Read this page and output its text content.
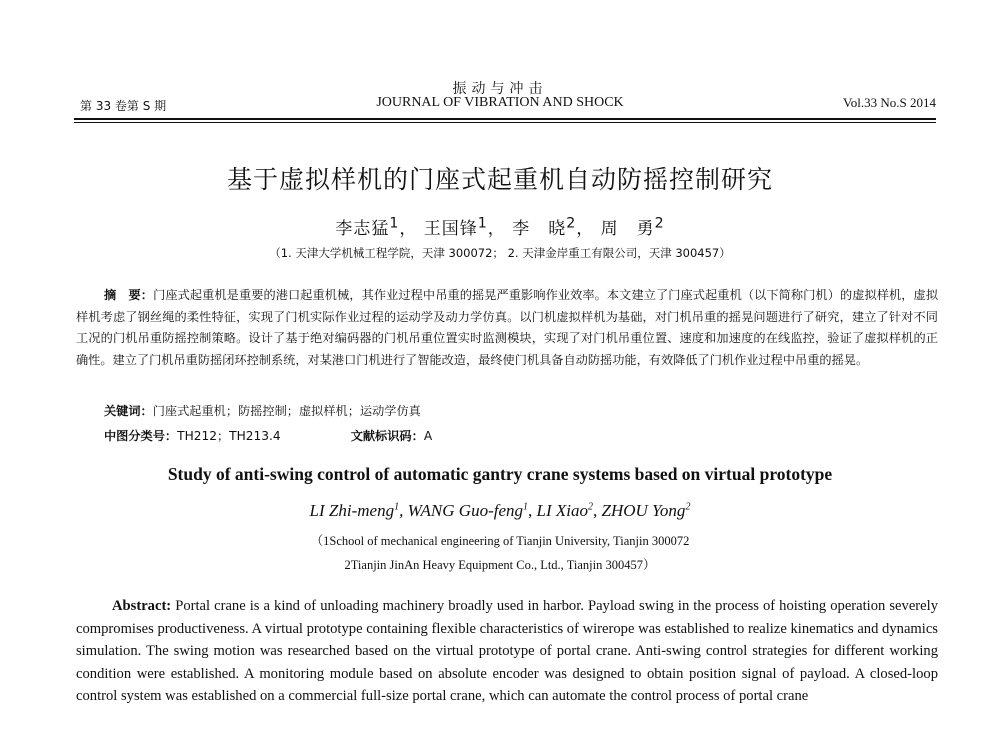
振动与冲击
第 33 卷第 S 期	JOURNAL OF VIBRATION AND SHOCK	Vol.33 No.S 2014
基于虚拟样机的门座式起重机自动防摇控制研究
李志猛$^1$， 王国锋$^1$， 李　晓$^2$， 周　勇$^2$
（1. 天津大学机械工程学院，天津 300072； 2. 天津金岸重工有限公司，天津 300457）
摘　要：门座式起重机是重要的港口起重机械，其作业过程中吊重的摇晃严重影响作业效率。本文建立了门座式起重机（以下简称门机）的虚拟样机，虚拟样机考虑了钢丝绳的柔性特征，实现了门机实际作业过程的运动学及动力学仿真。以门机虚拟样机为基础，对门机吊重的摇晃问题进行了研究，建立了针对不同工况的门机吊重防摇控制策略。设计了基于绝对编码器的门机吊重位置实时监测模块，实现了对门机吊重位置、速度和加速度的在线监控，验证了虚拟样机的正确性。建立了门机吊重防摇闭环控制系统，对某港口门机进行了智能改造，最终使门机具备自动防摇功能，有效降低了门机作业过程中吊重的摇晃。
关键词：门座式起重机；防摇控制；虚拟样机；运动学仿真
中图分类号：TH212；TH213.4	文献标识码：A
Study of anti-swing control of automatic gantry crane systems based on virtual prototype
LI Zhi-meng$^1$, WANG Guo-feng$^1$, LI Xiao$^2$, ZHOU Yong$^2$
（1School of mechanical engineering of Tianjin University, Tianjin 300072
2Tianjin JinAn Heavy Equipment Co., Ltd., Tianjin 300457）
Abstract: Portal crane is a kind of unloading machinery broadly used in harbor. Payload swing in the process of hoisting operation severely compromises productiveness. A virtual prototype containing flexible characteristics of wirerope was established to realize kinematics and dynamics simulation. The swing motion was researched based on the virtual prototype of portal crane. Anti-swing control strategies for different working condition were established. A monitoring module based on absolute encoder was designed to obtain position signal of payload. A closed-loop control system was established on a commercial full-size portal crane, which can automate the control process of portal crane
